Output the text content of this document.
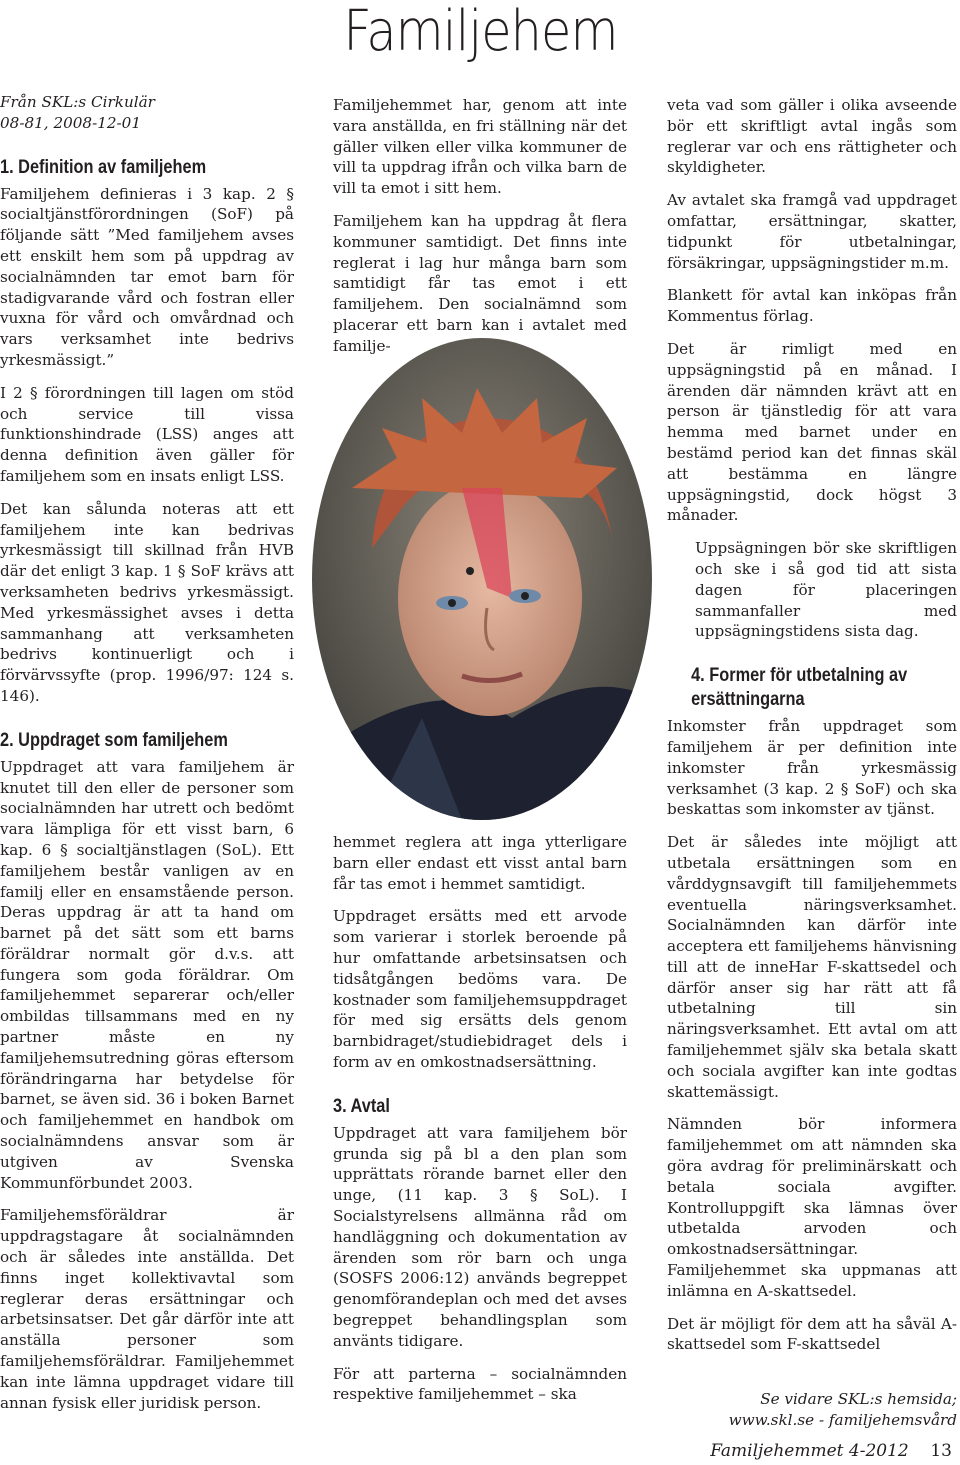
Familjehem

Från SKL:s Cirkulär
08-81, 2008-12-01

1. Definition av familjehem

Familjehem definieras i 3 kap. 2 § socialtjänstförordningen (SoF) på följande sätt ”Med familjehem avses ett enskilt hem som på uppdrag av socialnämnden tar emot barn för stadigvarande vård och fostran eller vuxna för vård och omvårdnad och vars verksamhet inte bedrivs yrkesmässigt.”

I 2 § förordningen till lagen om stöd och service till vissa funktionshindrade (LSS) anges att denna definition även gäller för familjehem som en insats enligt LSS.

Det kan sålunda noteras att ett familjehem inte kan bedrivas yrkesmässigt till skillnad från HVB där det enligt 3 kap. 1 § SoF krävs att verksamheten bedrivs yrkesmässigt. Med yrkesmässighet avses i detta sammanhang att verksamheten bedrivs kontinuerligt och i förvärvssyfte (prop. 1996/97: 124 s. 146).

2. Uppdraget som familjehem

Uppdraget att vara familjehem är knutet till den eller de personer som socialnämnden har utrett och bedömt vara lämpliga för ett visst barn, 6 kap. 6 § socialtjänstlagen (SoL). Ett familjehem består vanligen av en familj eller en ensamstående person. Deras uppdrag är att ta hand om barnet på det sätt som ett barns föräldrar normalt gör d.v.s. att fungera som goda föräldrar. Om familjehemmet separerar och/eller ombildas tillsammans med en ny partner måste en ny familjehemsutredning göras eftersom förändringarna har betydelse för barnet, se även sid. 36 i boken Barnet och familjehemmet en handbok om socialnämndens ansvar som är utgiven av Svenska Kommunförbundet 2003.

Familjehemsföräldrar är uppdragstagare åt socialnämnden och är således inte anställda. Det finns inget kollektivavtal som reglerar deras ersättningar och arbetsinsatser. Det går därför inte att anställa personer som familjehemsföräldrar. Familjehemmet kan inte lämna uppdraget vidare till annan fysisk eller juridisk person.

Familjehemmet har, genom att inte vara anställda, en fri ställning när det gäller vilken eller vilka kommuner de vill ta uppdrag ifrån och vilka barn de vill ta emot i sitt hem.

Familjehem kan ha uppdrag åt flera kommuner samtidigt. Det finns inte reglerat i lag hur många barn som samtidigt får tas emot i ett familjehem. Den socialnämnd som placerar ett barn kan i avtalet med familje-

hemmet reglera att inga ytterligare barn eller endast ett visst antal barn får tas emot i hemmet samtidigt.

Uppdraget ersätts med ett arvode som varierar i storlek beroende på hur omfattande arbetsinsatsen och tidsåtgången bedöms vara. De kostnader som familjehemsuppdraget för med sig ersätts dels genom barnbidraget/studiebidraget dels i form av en omkostnadsersättning.

3. Avtal

Uppdraget att vara familjehem bör grunda sig på bl a den plan som upprättats rörande barnet eller den unge, (11 kap. 3 § SoL). I Socialstyrelsens allmänna råd om handläggning och dokumentation av ärenden som rör barn och unga (SOSFS 2006:12) används begreppet genomförandeplan och med det avses begreppet behandlingsplan som använts tidigare.

För att parterna – socialnämnden respektive familjehemmet – ska

veta vad som gäller i olika avseende bör ett skriftligt avtal ingås som reglerar var och ens rättigheter och skyldigheter.

Av avtalet ska framgå vad uppdraget omfattar, ersättningar, skatter, tidpunkt för utbetalningar, försäkringar, uppsägningstider m.m.

Blankett för avtal kan inköpas från Kommentus förlag.

Det är rimligt med en uppsägningstid på en månad. I ärenden där nämnden krävt att en person är tjänstledig för att vara hemma med barnet under en bestämd period kan det finnas skäl att bestämma en längre uppsägningstid, dock högst 3 månader.

Uppsägningen bör ske skriftligen och ske i så god tid att sista dagen för placeringen sammanfaller med uppsägningstidens sista dag.

4. Former för utbetalning av
ersättningarna

Inkomster från uppdraget som familjehem är per definition inte inkomster från yrkesmässig verksamhet (3 kap. 2 § SoF) och ska beskattas som inkomster av tjänst.

Det är således inte möjligt att utbetala ersättningen som en vårddygnsavgift till familjehemmets eventuella näringsverksamhet. Socialnämnden kan därför inte acceptera ett familjehems hänvisning till att de inneHar F-skattsedel och därför anser sig har rätt att få utbetalning till sin näringsverksamhet. Ett avtal om att familjehemmet själv ska betala skatt och sociala avgifter kan inte godtas skattemässigt.

Nämnden bör informera familjehemmet om att nämnden ska göra avdrag för preliminärskatt och betala sociala avgifter. Kontrolluppgift ska lämnas över utbetalda arvoden och omkostnadsersättningar. Familjehemmet ska uppmanas att inlämna en A-skattsedel.

Det är möjligt för dem att ha såväl A-skattsedel som F-skattsedel

Se vidare SKL:s hemsida;
www.skl.se - familjehemsvård

Familjehemmet 4-2012 13
